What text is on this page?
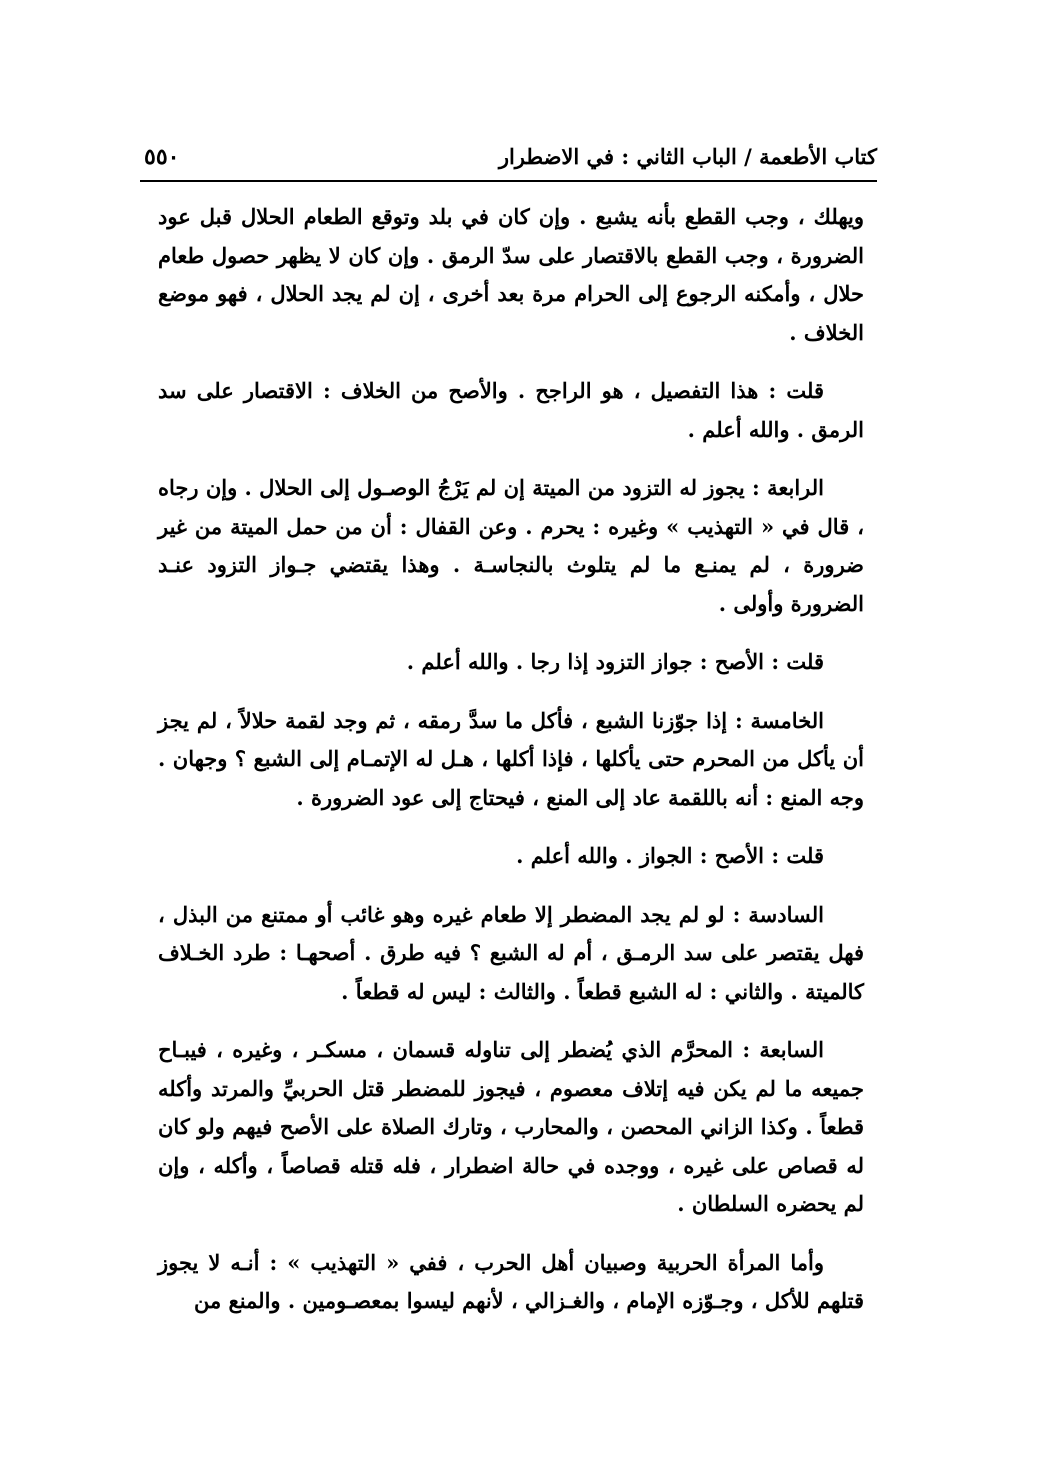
كتاب الأطعمة / الباب الثاني : في الاضطرار
٥٥٠

ويهلك ، وجب القطع بأنه يشبع . وإن كان في بلد وتوقع الطعام الحلال قبل عود الضرورة ، وجب القطع بالاقتصار على سدّ الرمق . وإن كان لا يظهر حصول طعام حلال ، وأمكنه الرجوع إلى الحرام مرة بعد أخرى ، إن لم يجد الحلال ، فهو موضع الخلاف .

قلت : هذا التفصيل ، هو الراجح . والأصح من الخلاف : الاقتصار على سد الرمق . والله أعلم .

الرابعة : يجوز له التزود من الميتة إن لم يَرْجُ الوصـول إلى الحلال . وإن رجاه ، قال في « التهذيب » وغيره : يحرم . وعن القفال : أن من حمل الميتة من غير ضرورة ، لم يمنـع ما لم يتلوث بالنجاسـة . وهذا يقتضي جـواز التزود عنـد الضرورة وأولى .

قلت : الأصح : جواز التزود إذا رجا . والله أعلم .

الخامسة : إذا جوّزنا الشبع ، فأكل ما سدَّ رمقه ، ثم وجد لقمة حلالاً ، لم يجز أن يأكل من المحرم حتى يأكلها ، فإذا أكلها ، هـل له الإتمـام إلى الشبع ؟ وجهان . وجه المنع : أنه باللقمة عاد إلى المنع ، فيحتاج إلى عود الضرورة .

قلت : الأصح : الجواز . والله أعلم .

السادسة : لو لم يجد المضطر إلا طعام غيره وهو غائب أو ممتنع من البذل ، فهل يقتصر على سد الرمـق ، أم له الشبع ؟ فيه طرق . أصحهـا : طرد الخـلاف كالميتة . والثاني : له الشبع قطعاً . والثالث : ليس له قطعاً .

السابعة : المحرَّم الذي يُضطر إلى تناوله قسمان ، مسكـر ، وغيره ، فيبـاح جميعه ما لم يكن فيه إتلاف معصوم ، فيجوز للمضطر قتل الحربيِّ والمرتد وأكله قطعاً . وكذا الزاني المحصن ، والمحارب ، وتارك الصلاة على الأصح فيهم ولو كان له قصاص على غيره ، ووجده في حالة اضطرار ، فله قتله قصاصاً ، وأكله ، وإن لم يحضره السلطان .

وأما المرأة الحربية وصبيان أهل الحرب ، ففي « التهذيب » : أنـه لا يجوز قتلهم للأكل ، وجـوّزه الإمام ، والغـزالي ، لأنهم ليسوا بمعصـومين . والمنع من
